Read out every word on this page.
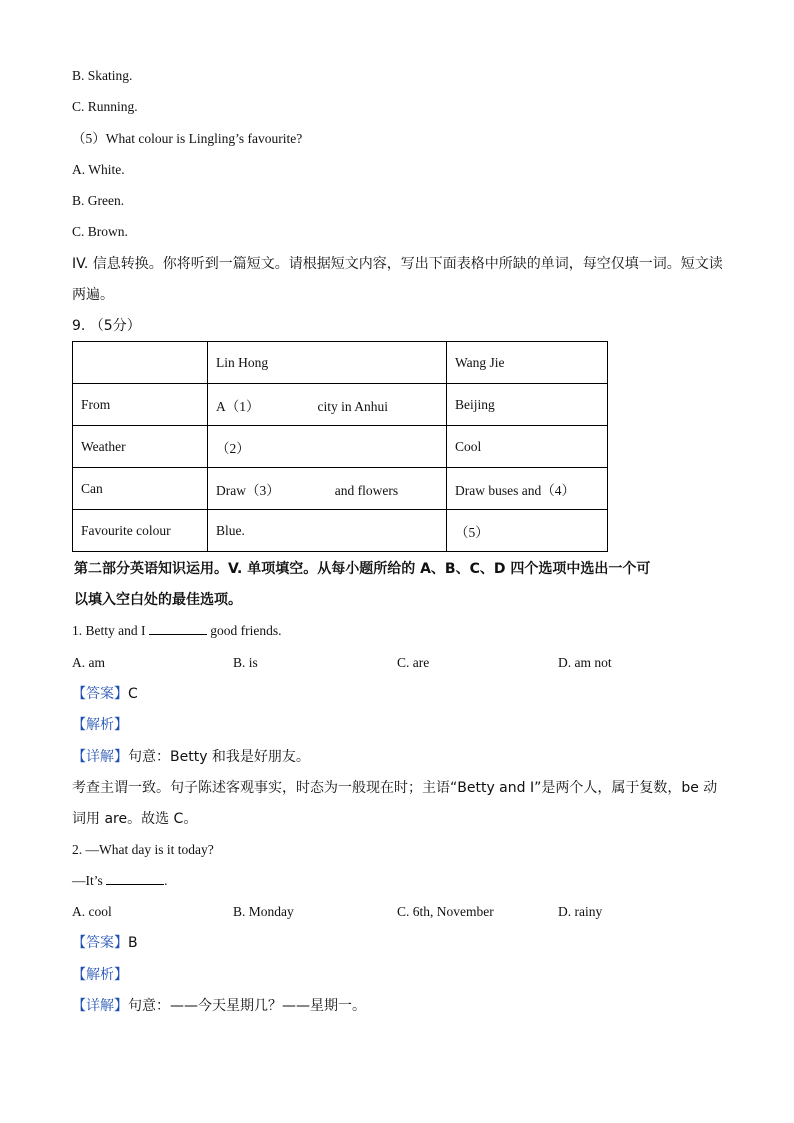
B. Skating.
C. Running.
（5）What colour is Lingling’s favourite?
A. White.
B. Green.
C. Brown.
IV. 信息转换。你将听到一篇短文。请根据短文内容，写出下面表格中所缺的单词，每空仅填一词。短文读
两遍。
9. （5分）
	Lin Hong	Wang Jie
From	A（1） city in Anhui	Beijing
Weather	（2）	Cool
Can	Draw（3） and flowers	Draw buses and（4）
Favourite colour	Blue.	（5）
第二部分英语知识运用。V. 单项填空。从每小题所给的 A、B、C、D 四个选项中选出一个可
以填入空白处的最佳选项。
1. Betty and I	good friends.
A. am	B. is	C. are	D. am not
【答案】C
【解析】
【详解】句意：Betty 和我是好朋友。
考查主谓一致。句子陈述客观事实，时态为一般现在时；主语“Betty and I”是两个人，属于复数，be 动
词用 are。故选 C。
2. —What day is it today?
—It’s	.
A. cool	B. Monday	C. 6th, November	D. rainy
【答案】B
【解析】
【详解】句意：——今天星期几？——星期一。
